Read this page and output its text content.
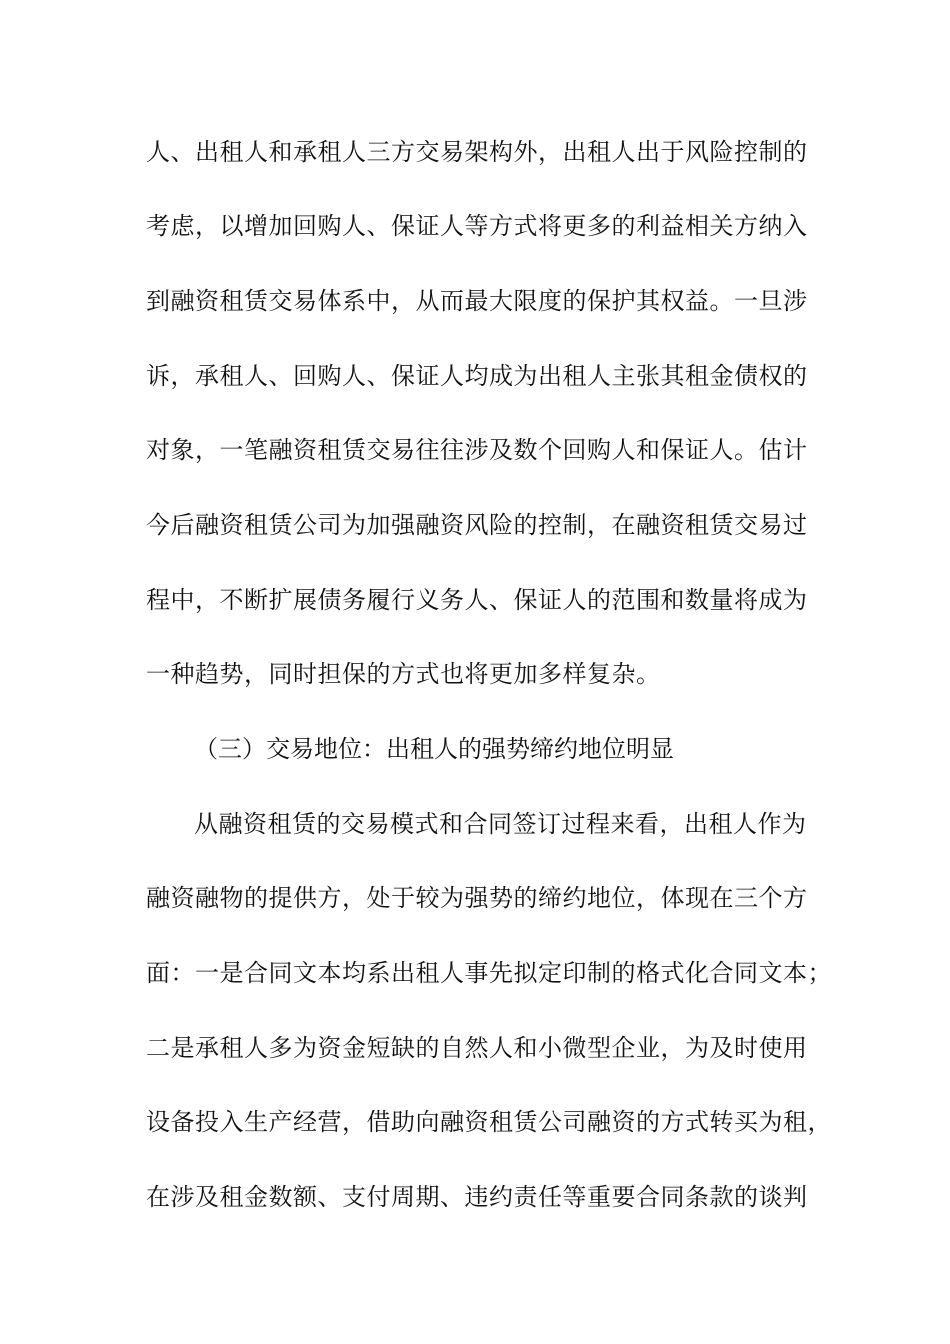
人、出租人和承租人三方交易架构外，出租人出于风险控制的
考虑，以增加回购人、保证人等方式将更多的利益相关方纳入
到融资租赁交易体系中，从而最大限度的保护其权益。一旦涉
诉，承租人、回购人、保证人均成为出租人主张其租金债权的
对象，一笔融资租赁交易往往涉及数个回购人和保证人。估计
今后融资租赁公司为加强融资风险的控制，在融资租赁交易过
程中，不断扩展债务履行义务人、保证人的范围和数量将成为
一种趋势，同时担保的方式也将更加多样复杂。
（三）交易地位：出租人的强势缔约地位明显
从融资租赁的交易模式和合同签订过程来看，出租人作为
融资融物的提供方，处于较为强势的缔约地位，体现在三个方
面：一是合同文本均系出租人事先拟定印制的格式化合同文本；
二是承租人多为资金短缺的自然人和小微型企业，为及时使用
设备投入生产经营，借助向融资租赁公司融资的方式转买为租，
在涉及租金数额、支付周期、违约责任等重要合同条款的谈判
